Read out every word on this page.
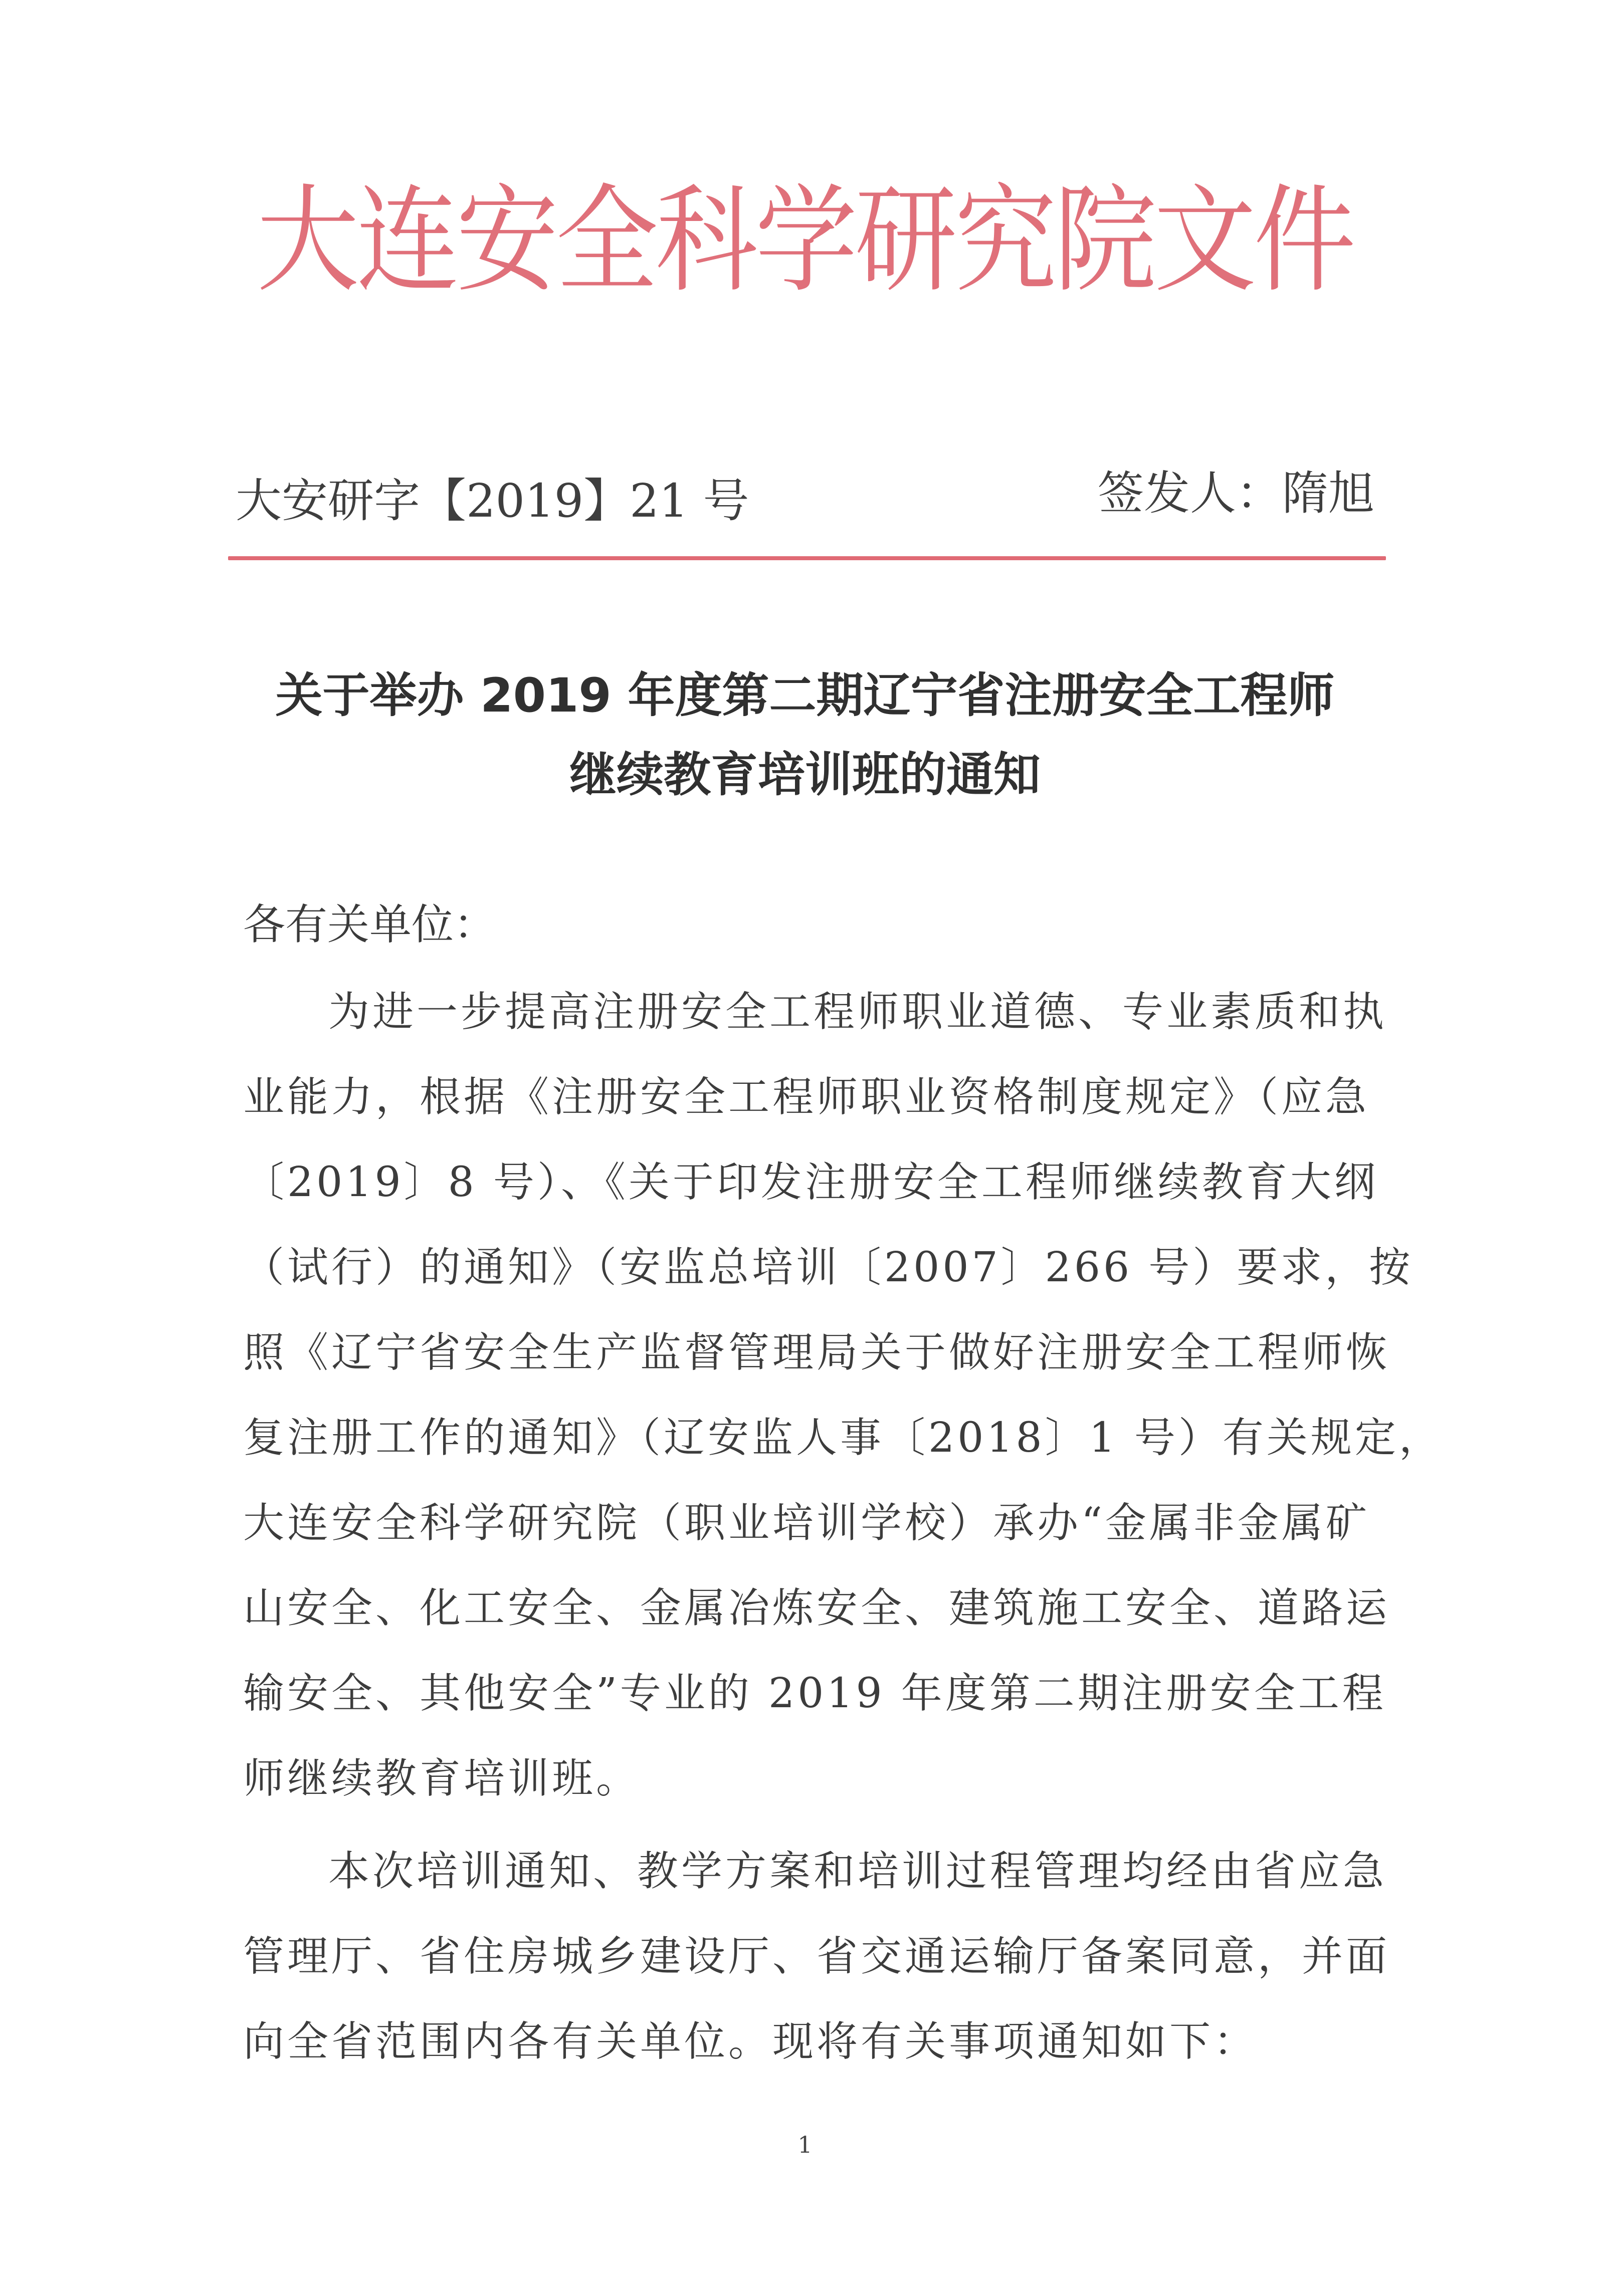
大连安全科学研究院文件
大安研字【2019】21 号	签发人：隋旭
关于举办 2019 年度第二期辽宁省注册安全工程师
继续教育培训班的通知
各有关单位：
为进一步提高注册安全工程师职业道德、专业素质和执
业能力，根据《注册安全工程师职业资格制度规定》（应急
〔2019〕8 号）、《关于印发注册安全工程师继续教育大纲
（试行）的通知》（安监总培训〔2007〕266 号）要求，按
照《辽宁省安全生产监督管理局关于做好注册安全工程师恢
复注册工作的通知》（辽安监人事〔2018〕1 号）有关规定，
大连安全科学研究院（职业培训学校）承办“金属非金属矿
山安全、化工安全、金属冶炼安全、建筑施工安全、道路运
输安全、其他安全”专业的 2019 年度第二期注册安全工程
师继续教育培训班。
本次培训通知、教学方案和培训过程管理均经由省应急
管理厅、省住房城乡建设厅、省交通运输厅备案同意，并面
向全省范围内各有关单位。现将有关事项通知如下：
1
